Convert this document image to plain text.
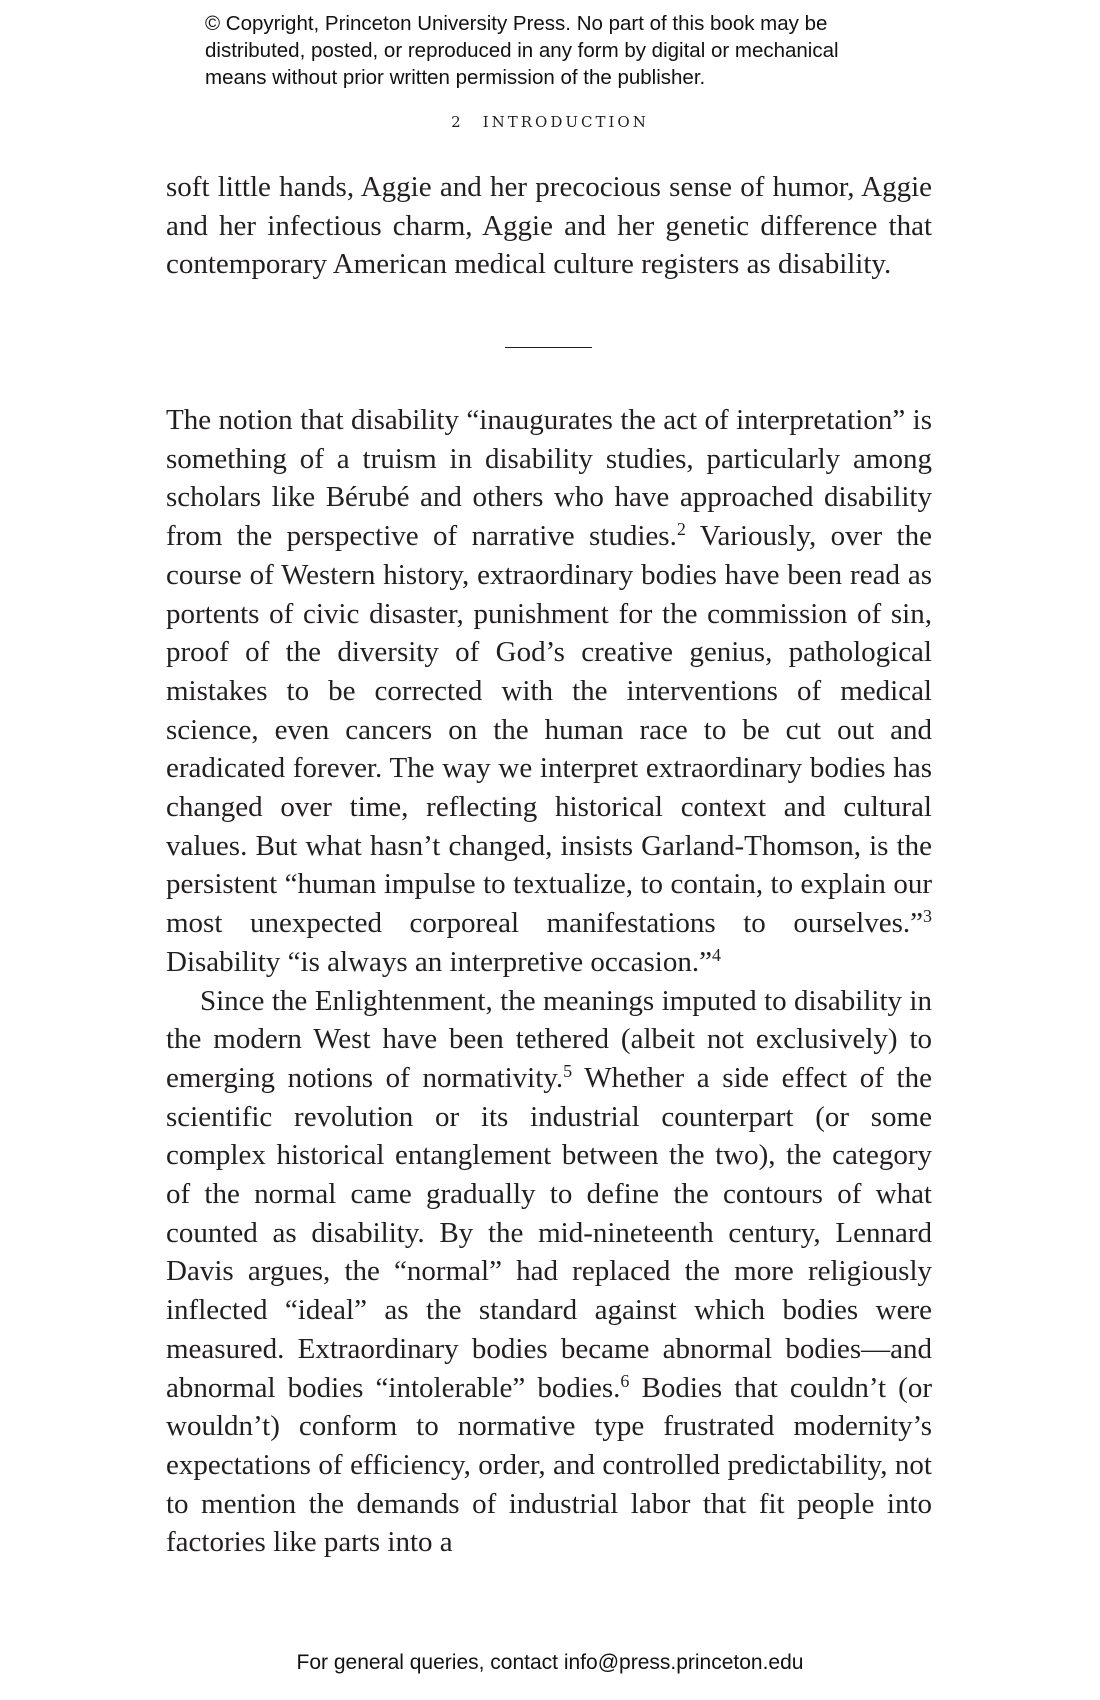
© Copyright, Princeton University Press. No part of this book may be
distributed, posted, or reproduced in any form by digital or mechanical
means without prior written permission of the publisher.
2 INTRODUCTION

soft little hands, Aggie and her precocious sense of humor, Aggie and her infectious charm, Aggie and her genetic difference that contemporary American medical culture registers as disability.

The notion that disability “inaugurates the act of interpretation” is something of a truism in disability studies, particularly among scholars like Bérubé and others who have approached disability from the perspective of narrative studies.$^2$ Variously, over the course of Western history, extraordinary bodies have been read as portents of civic disaster, punishment for the commission of sin, proof of the diversity of God’s creative genius, pathological mistakes to be corrected with the interventions of medical science, even cancers on the human race to be cut out and eradicated forever. The way we interpret extraordinary bodies has changed over time, reflecting historical context and cultural values. But what hasn’t changed, insists Garland-Thomson, is the persistent “human impulse to textualize, to contain, to explain our most unexpected corporeal manifestations to ourselves.”$^3$ Disability “is always an interpretive occasion.”$^4$

Since the Enlightenment, the meanings imputed to disability in the modern West have been tethered (albeit not exclusively) to emerging notions of normativity.$^5$ Whether a side effect of the scientific revolution or its industrial counterpart (or some complex historical entanglement between the two), the category of the normal came gradually to define the contours of what counted as disability. By the mid-nineteenth century, Lennard Davis argues, the “normal” had replaced the more religiously inflected “ideal” as the standard against which bodies were measured. Extraordinary bodies became abnormal bodies—and abnormal bodies “intolerable” bodies.$^6$ Bodies that couldn’t (or wouldn’t) conform to normative type frustrated modernity’s expectations of efficiency, order, and controlled predictability, not to mention the demands of industrial labor that fit people into factories like parts into a

For general queries, contact info@press.princeton.edu
